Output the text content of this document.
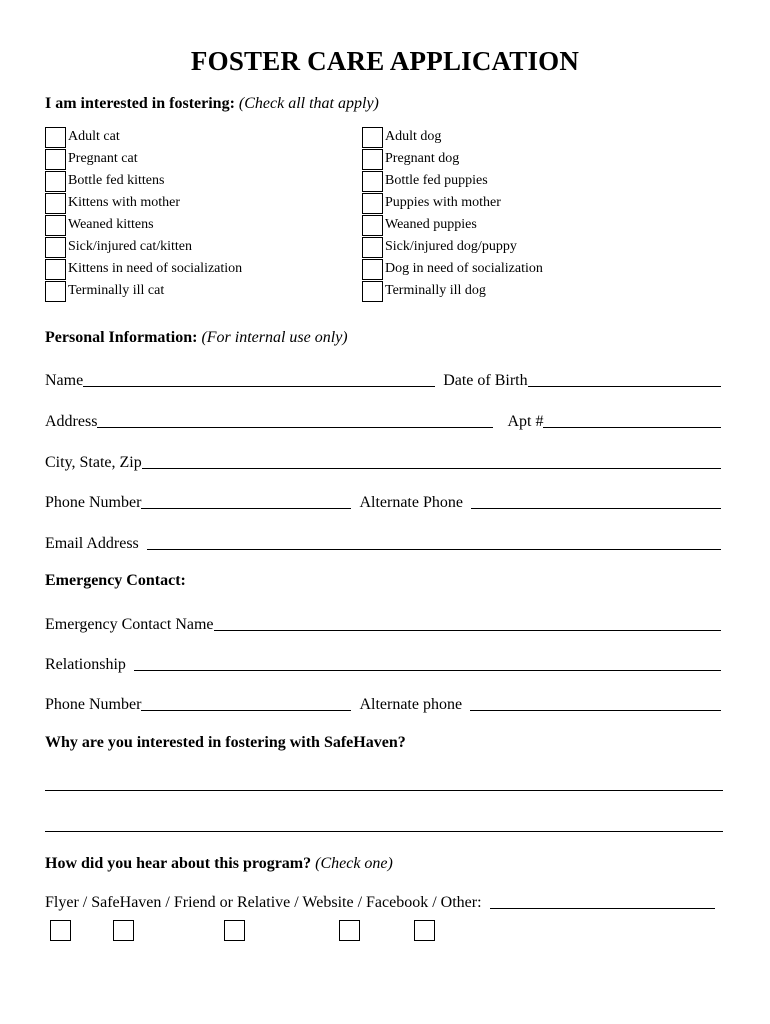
FOSTER CARE APPLICATION
I am interested in fostering: (Check all that apply)
Adult cat
Pregnant cat
Bottle fed kittens
Kittens with mother
Weaned kittens
Sick/injured cat/kitten
Kittens in need of socialization
Terminally ill cat
Adult dog
Pregnant dog
Bottle fed puppies
Puppies with mother
Weaned puppies
Sick/injured dog/puppy
Dog in need of socialization
Terminally ill dog
Personal Information: (For internal use only)
Name	Date of Birth
Address	Apt #
City, State, Zip
Phone Number	Alternate Phone
Email Address
Emergency Contact:
Emergency Contact Name
Relationship
Phone Number	Alternate phone
Why are you interested in fostering with SafeHaven?
How did you hear about this program? (Check one)
Flyer / SafeHaven / Friend or Relative / Website / Facebook / Other:
